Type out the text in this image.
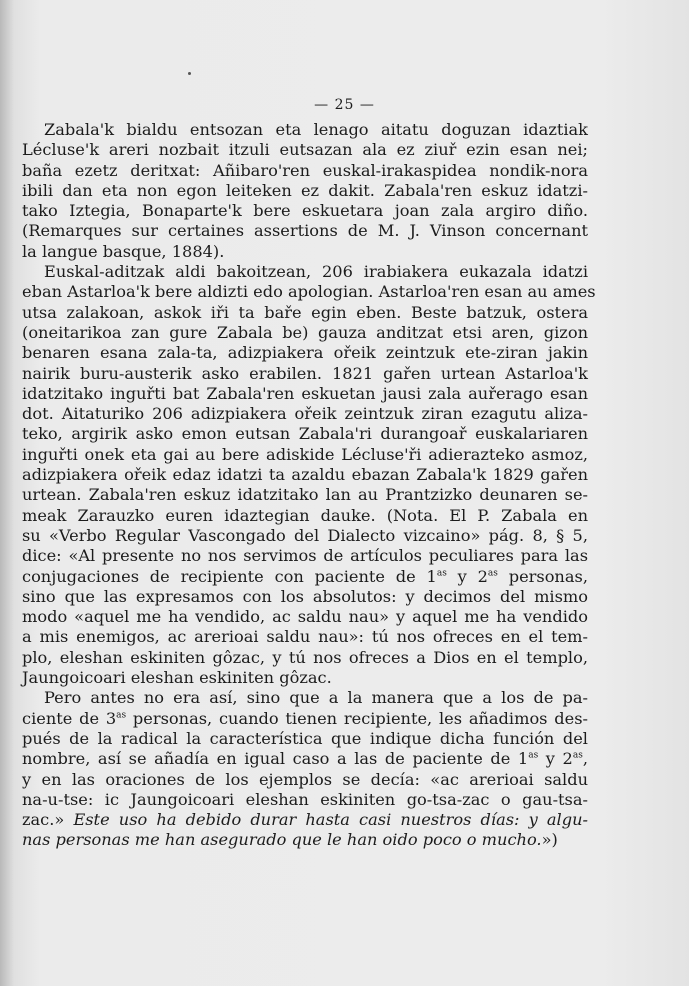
— 25 —
Zabala'k bialdu entsozan eta lenago aitatu doguzan idaztiak
Lécluse'k areri nozbait itzuli eutsazan ala ez ziuř ezin esan nei;
baña ezetz deritxat: Añibaro'ren euskal-irakaspidea nondik-nora
ibili dan eta non egon leiteken ez dakit. Zabala'ren eskuz idatzi-
tako Iztegia, Bonaparte'k bere eskuetara joan zala argiro diño.
(Remarques sur certaines assertions de M. J. Vinson concernant
la langue basque, 1884).
Euskal-aditzak aldi bakoitzean, 206 irabiakera eukazala idatzi
eban Astarloa'k bere aldizti edo apologian. Astarloa'ren esan au ames
utsa zalakoan, askok iři ta baře egin eben. Beste batzuk, ostera
(oneitarikoa zan gure Zabala be) gauza anditzat etsi aren, gizon
benaren esana zala-ta, adizpiakera ořeik zeintzuk ete-ziran jakin
nairik buru-austerik asko erabilen. 1821 gařen urtean Astarloa'k
idatzitako inguřti bat Zabala'ren eskuetan jausi zala auřerago esan
dot. Aitaturiko 206 adizpiakera ořeik zeintzuk ziran ezagutu aliza-
teko, argirik asko emon eutsan Zabala'ri durangoař euskalariaren
inguřti onek eta gai au bere adiskide Lécluse'ři adierazteko asmoz,
adizpiakera ořeik edaz idatzi ta azaldu ebazan Zabala'k 1829 gařen
urtean. Zabala'ren eskuz idatzitako lan au Prantzizko deunaren se-
meak Zarauzko euren idaztegian dauke. (Nota. El P. Zabala en
su «Verbo Regular Vascongado del Dialecto vizcaino» pág. 8, § 5,
dice: «Al presente no nos servimos de artículos peculiares para las
conjugaciones de recipiente con paciente de $1^{as}$ y $2^{as}$ personas,
sino que las expresamos con los absolutos: y decimos del mismo
modo «aquel me ha vendido, ac saldu nau» y aquel me ha vendido
a mis enemigos, ac arerioai saldu nau»: tú nos ofreces en el tem-
plo, eleshan eskiniten gôzac, y tú nos ofreces a Dios en el templo,
Jaungoicoari eleshan eskiniten gôzac.
Pero antes no era así, sino que a la manera que a los de pa-
ciente de $3^{as}$ personas, cuando tienen recipiente, les añadimos des-
pués de la radical la característica que indique dicha función del
nombre, así se añadía en igual caso a las de paciente de $1^{as}$ y $2^{as}$,
y en las oraciones de los ejemplos se decía: «ac arerioai saldu
na-u-tse: ic Jaungoicoari eleshan eskiniten go-tsa-zac o gau-tsa-
zac.» Este uso ha debido durar hasta casi nuestros días: y algu-
nas personas me han asegurado que le han oido poco o mucho.»)
